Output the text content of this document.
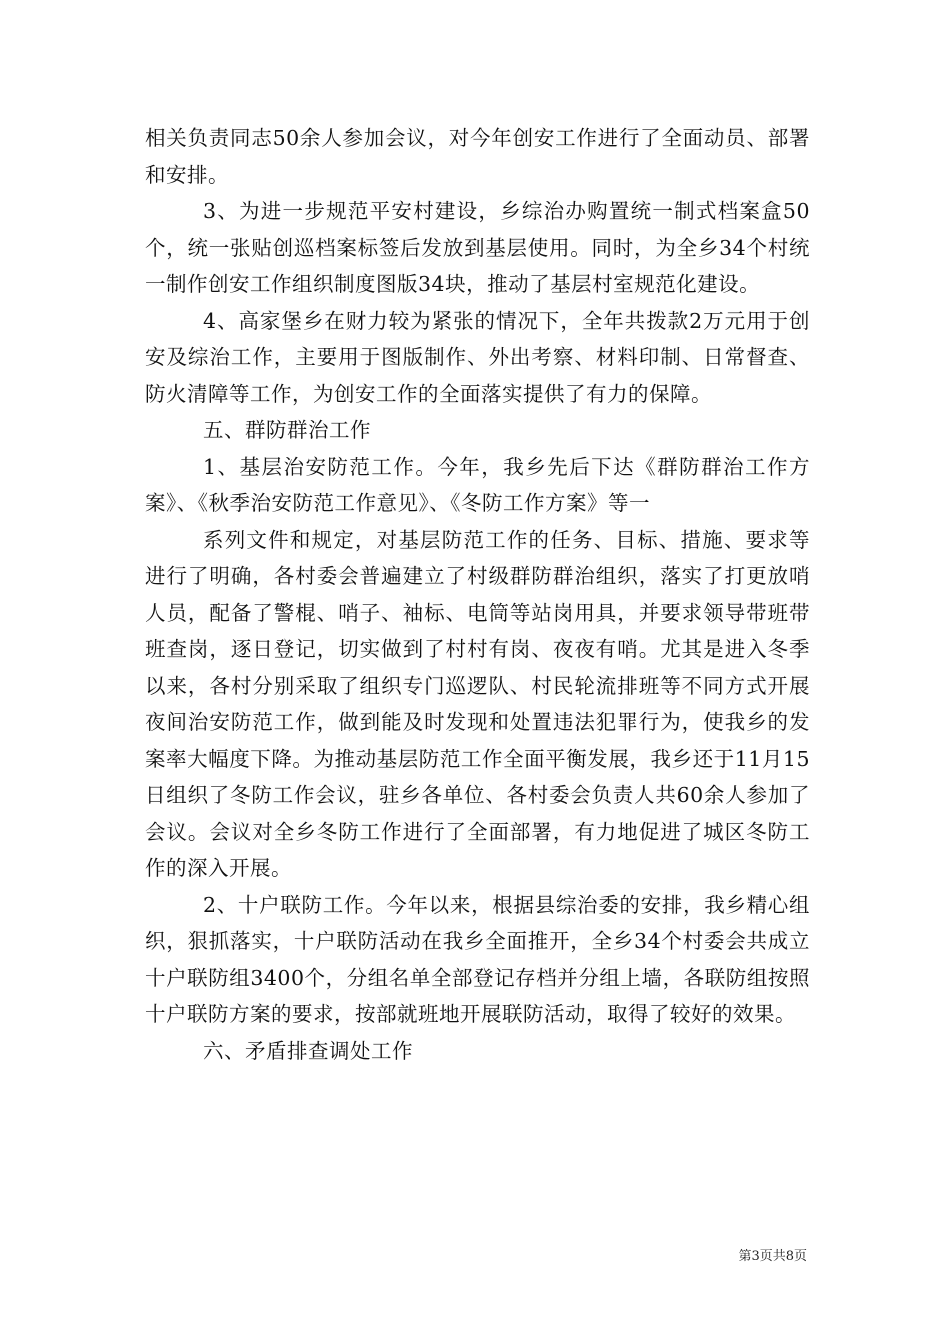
相关负责同志50余人参加会议，对今年创安工作进行了全面动员、部署和安排。

3、为进一步规范平安村建设，乡综治办购置统一制式档案盒50个，统一张贴创巡档案标签后发放到基层使用。同时，为全乡34个村统一制作创安工作组织制度图版34块，推动了基层村室规范化建设。

4、高家堡乡在财力较为紧张的情况下，全年共拨款2万元用于创安及综治工作，主要用于图版制作、外出考察、材料印制、日常督查、防火清障等工作，为创安工作的全面落实提供了有力的保障。

五、群防群治工作

1、基层治安防范工作。今年，我乡先后下达《群防群治工作方案》、《秋季治安防范工作意见》、《冬防工作方案》等一

系列文件和规定，对基层防范工作的任务、目标、措施、要求等进行了明确，各村委会普遍建立了村级群防群治组织，落实了打更放哨人员，配备了警棍、哨子、袖标、电筒等站岗用具，并要求领导带班带班查岗，逐日登记，切实做到了村村有岗、夜夜有哨。尤其是进入冬季以来，各村分别采取了组织专门巡逻队、村民轮流排班等不同方式开展夜间治安防范工作，做到能及时发现和处置违法犯罪行为，使我乡的发案率大幅度下降。为推动基层防范工作全面平衡发展，我乡还于11月15日组织了冬防工作会议，驻乡各单位、各村委会负责人共60余人参加了会议。会议对全乡冬防工作进行了全面部署，有力地促进了城区冬防工作的深入开展。

2、十户联防工作。今年以来，根据县综治委的安排，我乡精心组织，狠抓落实，十户联防活动在我乡全面推开，全乡34个村委会共成立十户联防组3400个，分组名单全部登记存档并分组上墙，各联防组按照十户联防方案的要求，按部就班地开展联防活动，取得了较好的效果。

六、矛盾排查调处工作

第3页共8页
